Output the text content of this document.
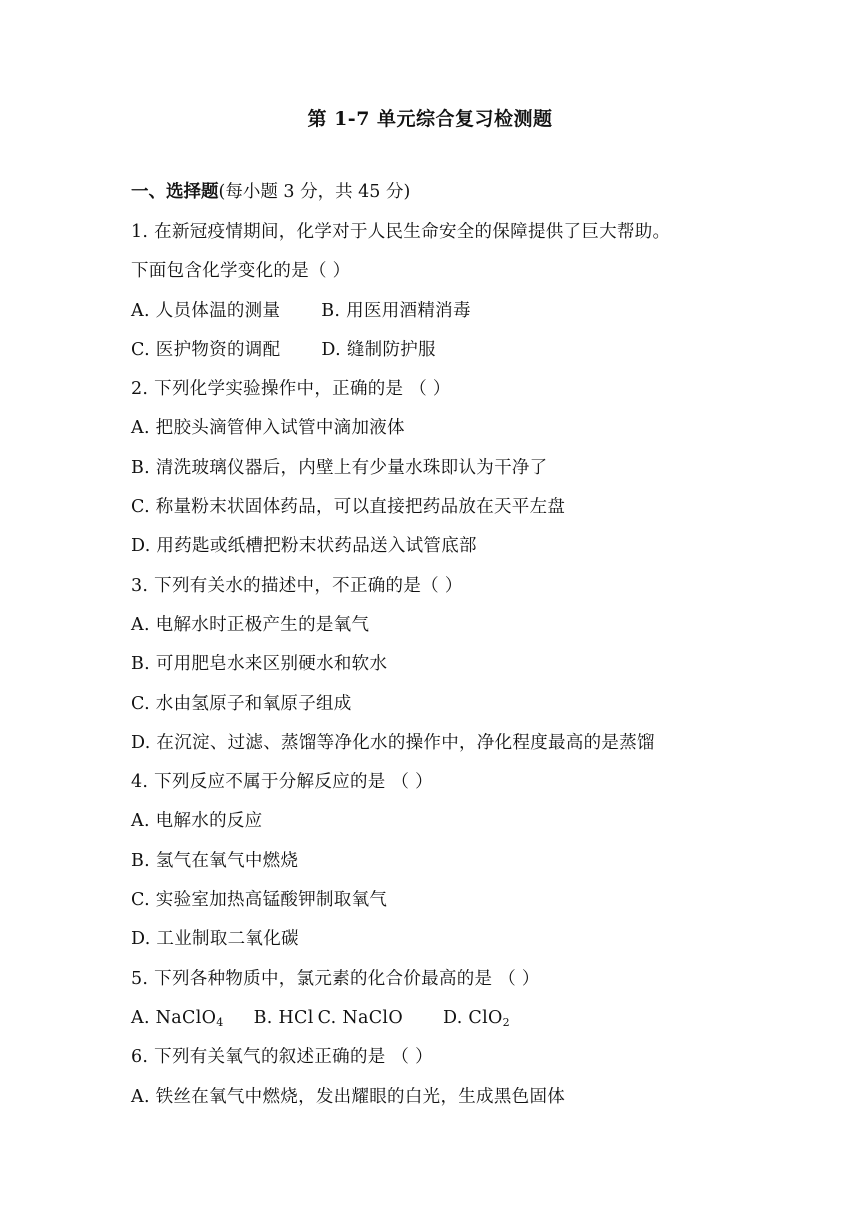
第 1-7 单元综合复习检测题
一、选择题(每小题 3 分，共 45 分)
1. 在新冠疫情期间，化学对于人民生命安全的保障提供了巨大帮助。
下面包含化学变化的是（ ）
A. 人员体温的测量 B. 用医用酒精消毒
C. 医护物资的调配 D. 缝制防护服
2. 下列化学实验操作中，正确的是 （ ）
A. 把胶头滴管伸入试管中滴加液体
B. 清洗玻璃仪器后，内壁上有少量水珠即认为干净了
C. 称量粉末状固体药品，可以直接把药品放在天平左盘
D. 用药匙或纸槽把粉末状药品送入试管底部
3. 下列有关水的描述中，不正确的是（ ）
A. 电解水时正极产生的是氧气
B. 可用肥皂水来区别硬水和软水
C. 水由氢原子和氧原子组成
D. 在沉淀、过滤、蒸馏等净化水的操作中，净化程度最高的是蒸馏
4. 下列反应不属于分解反应的是 （ ）
A. 电解水的反应
B. 氢气在氧气中燃烧
C. 实验室加热高锰酸钾制取氧气
D. 工业制取二氧化碳
5. 下列各种物质中，氯元素的化合价最高的是 （ ）
A. NaClO$_4$ B. HCl C. NaClO D. ClO$_2$
6. 下列有关氧气的叙述正确的是 （ ）
A. 铁丝在氧气中燃烧，发出耀眼的白光，生成黑色固体
